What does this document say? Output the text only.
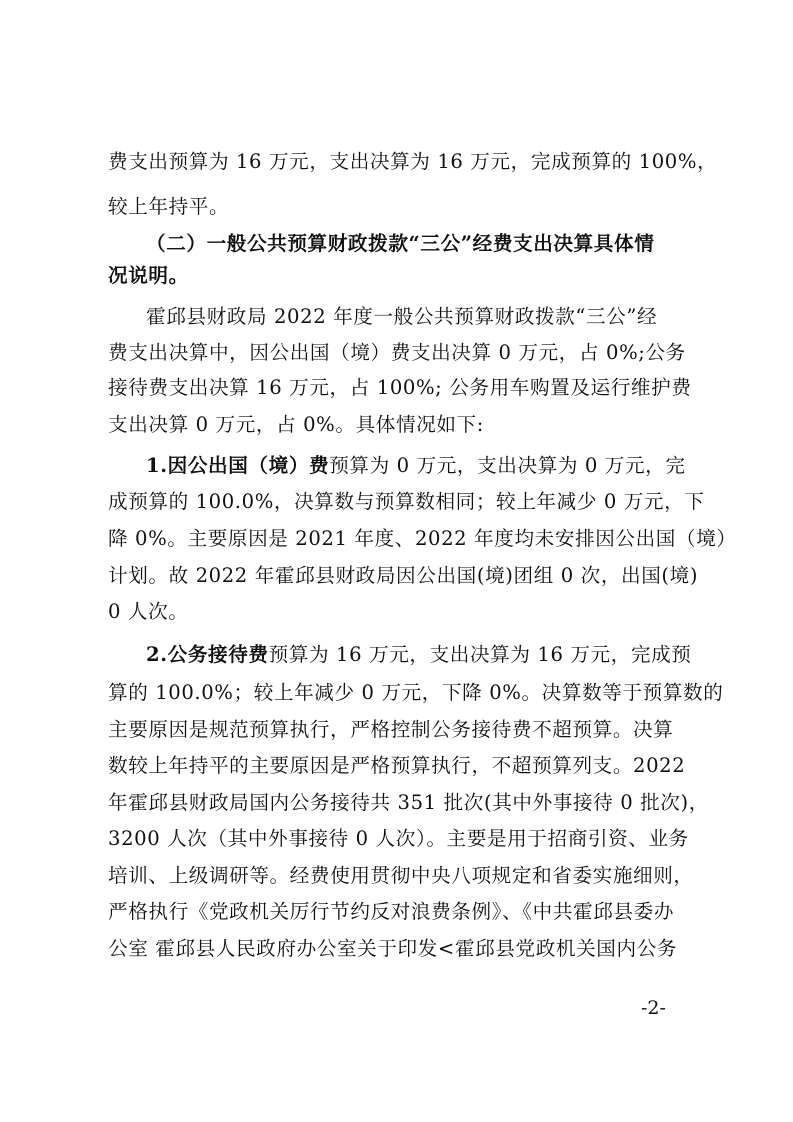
费支出预算为 16 万元，支出决算为 16 万元，完成预算的 100%，
较上年持平。
（二）一般公共预算财政拨款“三公”经费支出决算具体情
况说明。
霍邱县财政局 2022 年度一般公共预算财政拨款“三公”经
费支出决算中，因公出国（境）费支出决算 0 万元，占 0%;公务
接待费支出决算 16 万元，占 100%; 公务用车购置及运行维护费
支出决算 0 万元，占 0%。具体情况如下:
1.因公出国（境）费预算为 0 万元，支出决算为 0 万元，完
成预算的 100.0%，决算数与预算数相同；较上年减少 0 万元，下
降 0%。主要原因是 2021 年度、2022 年度均未安排因公出国（境）
计划。故 2022 年霍邱县财政局因公出国(境)团组 0 次，出国(境)
0 人次。
2.公务接待费预算为 16 万元，支出决算为 16 万元，完成预
算的 100.0%；较上年减少 0 万元，下降 0%。决算数等于预算数的
主要原因是规范预算执行，严格控制公务接待费不超预算。决算
数较上年持平的主要原因是严格预算执行，不超预算列支。2022
年霍邱县财政局国内公务接待共 351 批次(其中外事接待 0 批次)，
3200 人次（其中外事接待 0 人次）。主要是用于招商引资、业务
培训、上级调研等。经费使用贯彻中央八项规定和省委实施细则，
严格执行《党政机关厉行节约反对浪费条例》、《中共霍邱县委办
公室 霍邱县人民政府办公室关于印发<霍邱县党政机关国内公务
-2-
